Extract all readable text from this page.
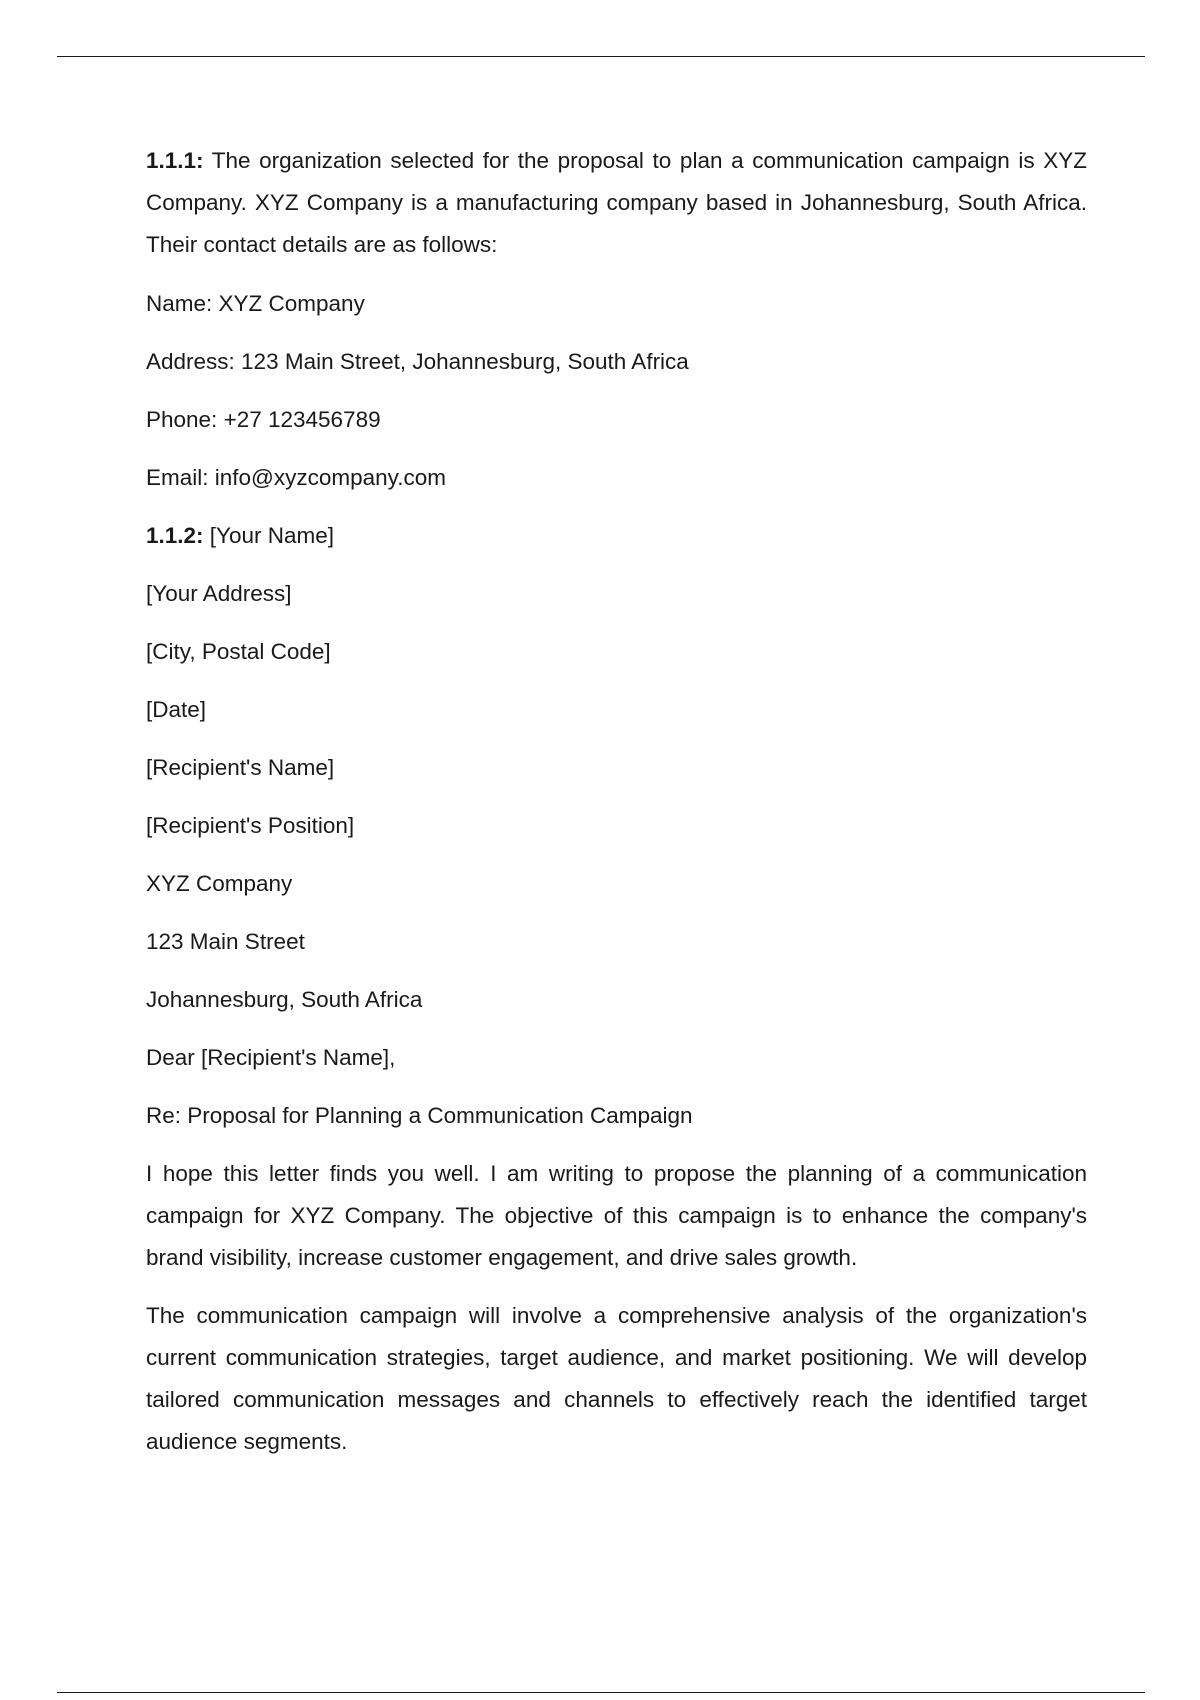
1.1.1: The organization selected for the proposal to plan a communication campaign is XYZ Company. XYZ Company is a manufacturing company based in Johannesburg, South Africa. Their contact details are as follows:

Name: XYZ Company

Address: 123 Main Street, Johannesburg, South Africa

Phone: +27 123456789

Email: info@xyzcompany.com

1.1.2: [Your Name]

[Your Address]

[City, Postal Code]

[Date]

[Recipient's Name]

[Recipient's Position]

XYZ Company

123 Main Street

Johannesburg, South Africa

Dear [Recipient's Name],

Re: Proposal for Planning a Communication Campaign

I hope this letter finds you well. I am writing to propose the planning of a communication campaign for XYZ Company. The objective of this campaign is to enhance the company's brand visibility, increase customer engagement, and drive sales growth.

The communication campaign will involve a comprehensive analysis of the organization's current communication strategies, target audience, and market positioning. We will develop tailored communication messages and channels to effectively reach the identified target audience segments.
